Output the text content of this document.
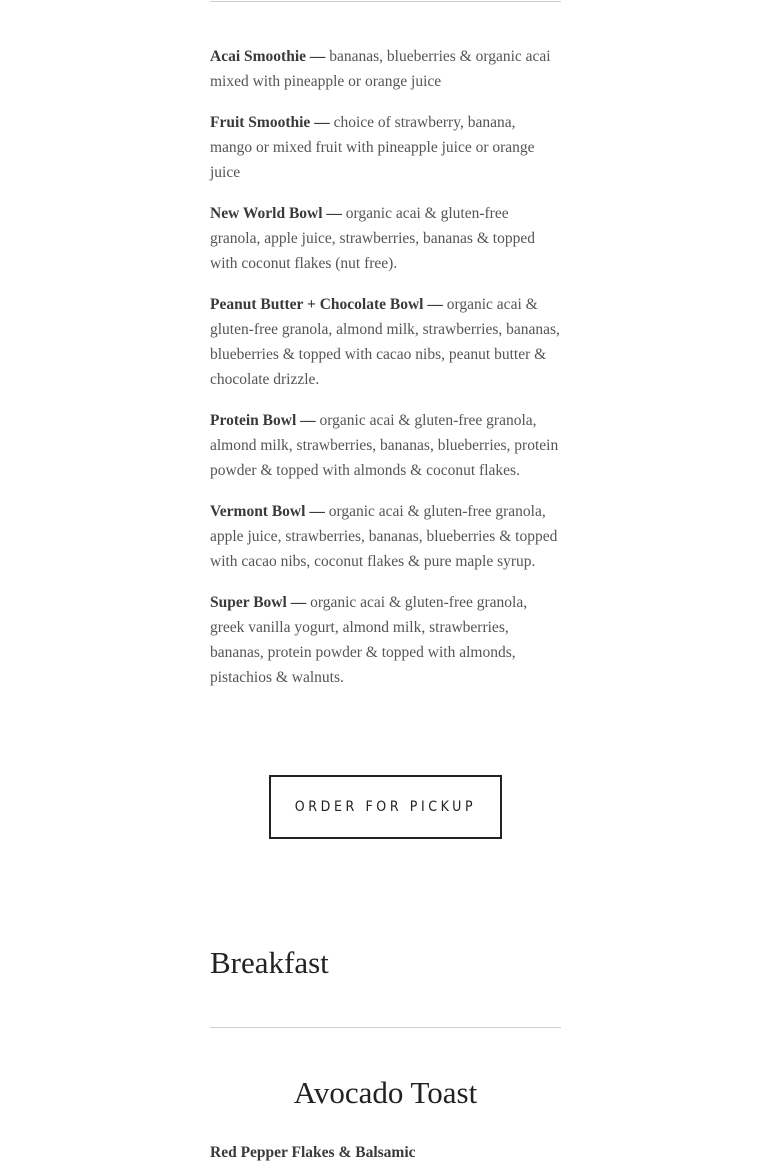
Acai Smoothie — bananas, blueberries & organic acai mixed with pineapple or orange juice

Fruit Smoothie — choice of strawberry, banana, mango or mixed fruit with pineapple juice or orange juice

New World Bowl — organic acai & gluten-free granola, apple juice, strawberries, bananas & topped with coconut flakes (nut free).

Peanut Butter + Chocolate Bowl — organic acai & gluten-free granola, almond milk, strawberries, bananas, blueberries & topped with cacao nibs, peanut butter & chocolate drizzle.

Protein Bowl — organic acai & gluten-free granola, almond milk, strawberries, bananas, blueberries, protein powder & topped with almonds & coconut flakes.

Vermont Bowl — organic acai & gluten-free granola, apple juice, strawberries, bananas, blueberries & topped with cacao nibs, coconut flakes & pure maple syrup.

Super Bowl — organic acai & gluten-free granola, greek vanilla yogurt, almond milk, strawberries, bananas, protein powder & topped with almonds, pistachios & walnuts.

ORDER FOR PICKUP
Breakfast
Avocado Toast

Red Pepper Flakes & Balsamic
